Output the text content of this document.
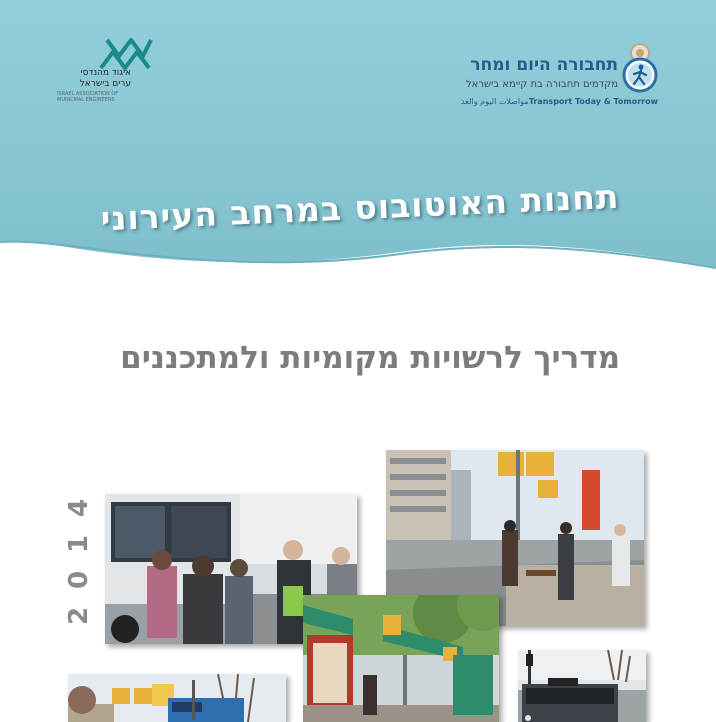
איגוד מהנדסי
ערים בישראל
ISRAEL ASSOCIATION OF MUNICIPAL ENGINEERS
תחבורה היום ומחר
מקדמים תחבורה בת קיימא בישראל
Transport Today & Tomorrow
مواصلات اليوم والغد
תחנות האוטובוס במרחב העירוני
מדריך לרשויות מקומיות ולמתכננים
4
1
0
2
